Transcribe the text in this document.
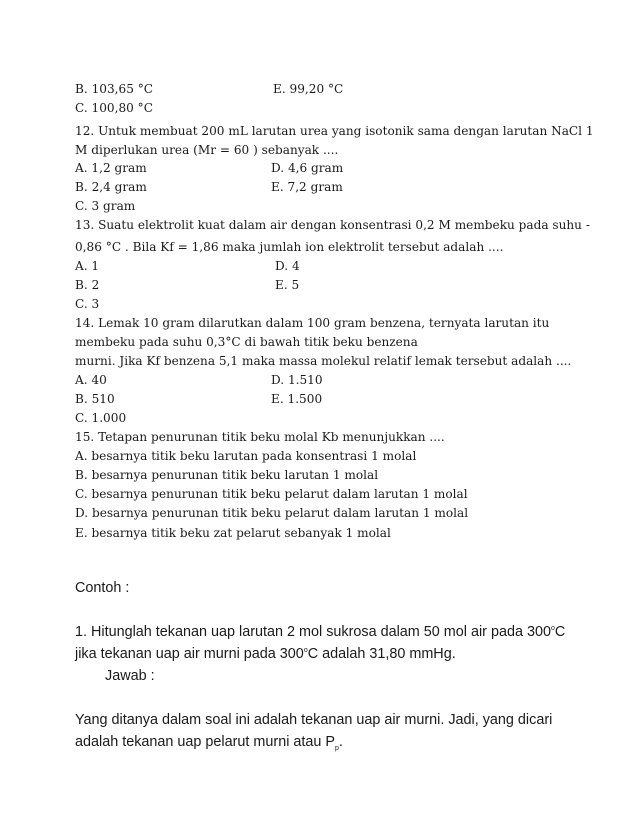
B. 103,65 °C	E. 99,20 °C
C. 100,80 °C
12. Untuk membuat 200 mL larutan urea yang isotonik sama dengan larutan NaCl 1
M diperlukan urea (Mr = 60 ) sebanyak ....
A. 1,2 gram	D. 4,6 gram
B. 2,4 gram	E. 7,2 gram
C. 3 gram
13. Suatu elektrolit kuat dalam air dengan konsentrasi 0,2 M membeku pada suhu -
0,86 °C . Bila Kf = 1,86 maka jumlah ion elektrolit tersebut adalah ....
A. 1	D. 4
B. 2	E. 5
C. 3
14. Lemak 10 gram dilarutkan dalam 100 gram benzena, ternyata larutan itu
membeku pada suhu 0,3°C di bawah titik beku benzena
murni. Jika Kf benzena 5,1 maka massa molekul relatif lemak tersebut adalah ....
A. 40	D. 1.510
B. 510	E. 1.500
C. 1.000
15. Tetapan penurunan titik beku molal Kb menunjukkan ....
A. besarnya titik beku larutan pada konsentrasi 1 molal
B. besarnya penurunan titik beku larutan 1 molal
C. besarnya penurunan titik beku pelarut dalam larutan 1 molal
D. besarnya penurunan titik beku pelarut dalam larutan 1 molal
E. besarnya titik beku zat pelarut sebanyak 1 molal
Contoh :
1. Hitunglah tekanan uap larutan 2 mol sukrosa dalam 50 mol air pada 300$^o$C
jika tekanan uap air murni pada 300$^o$C adalah 31,80 mmHg.
Jawab :
Yang ditanya dalam soal ini adalah tekanan uap air murni. Jadi, yang dicari
adalah tekanan uap pelarut murni atau $P_p$.
